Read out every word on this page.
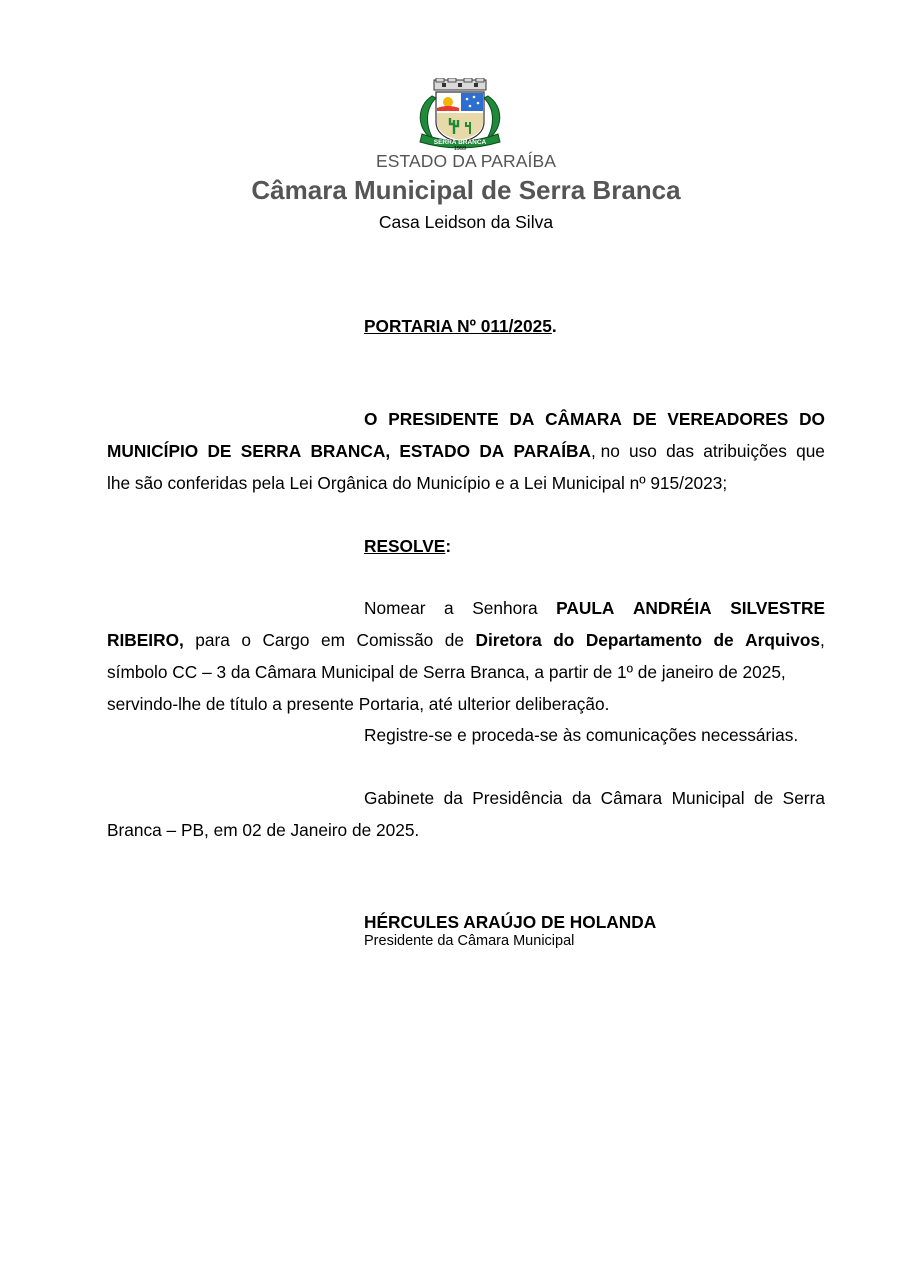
SERRA BRANCA
1959
ESTADO DA PARAÍBA
Câmara Municipal de Serra Branca
Casa Leidson da Silva
PORTARIA Nº 011/2025.
O PRESIDENTE DA CÂMARA DE VEREADORES DO
MUNICÍPIO DE SERRA BRANCA, ESTADO DA PARAÍBA, no uso das atribuições que
lhe são conferidas pela Lei Orgânica do Município e a Lei Municipal nº 915/2023;
RESOLVE:
Nomear a Senhora PAULA ANDRÉIA SILVESTRE
RIBEIRO, para o Cargo em Comissão de Diretora do Departamento de Arquivos,
símbolo CC – 3 da Câmara Municipal de Serra Branca, a partir de 1º de janeiro de 2025,
servindo-lhe de título a presente Portaria, até ulterior deliberação.
Registre-se e proceda-se às comunicações necessárias.
Gabinete da Presidência da Câmara Municipal de Serra
Branca – PB, em 02 de Janeiro de 2025.
HÉRCULES ARAÚJO DE HOLANDA
Presidente da Câmara Municipal
